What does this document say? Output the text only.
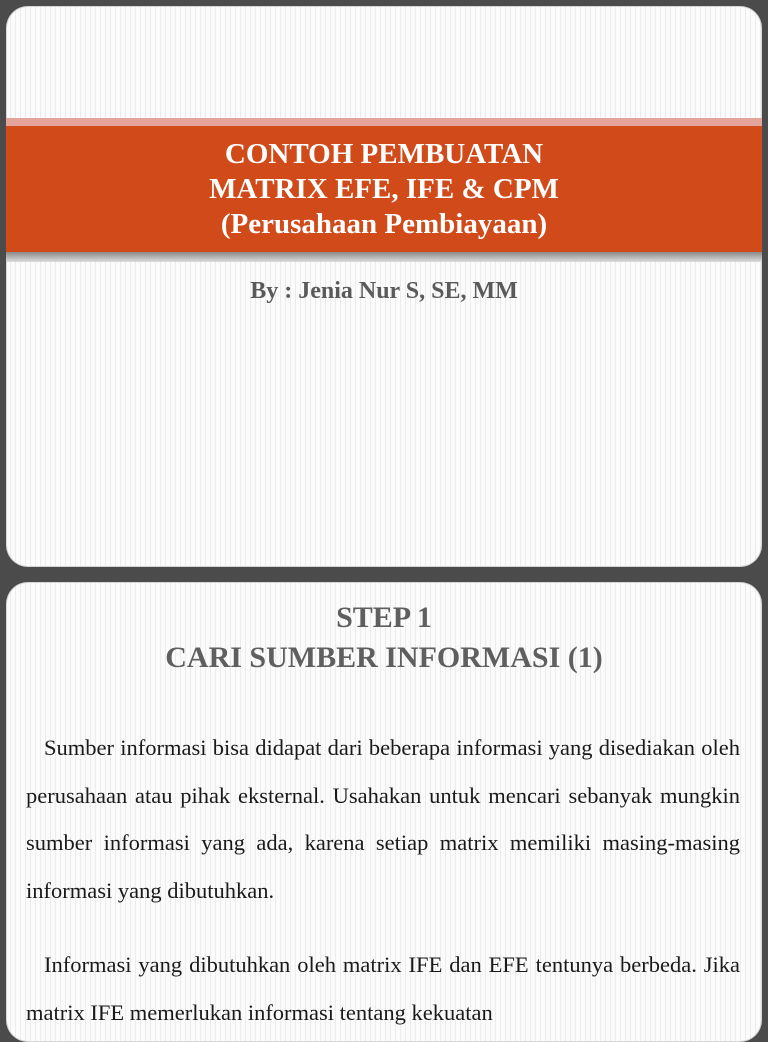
CONTOH PEMBUATAN
MATRIX EFE, IFE & CPM
(Perusahaan Pembiayaan)
By : Jenia Nur S, SE, MM
STEP 1
CARI SUMBER INFORMASI (1)

Sumber informasi bisa didapat dari beberapa informasi yang disediakan oleh perusahaan atau pihak eksternal. Usahakan untuk mencari sebanyak mungkin sumber informasi yang ada, karena setiap matrix memiliki masing-masing informasi yang dibutuhkan.

Informasi yang dibutuhkan oleh matrix IFE dan EFE tentunya berbeda. Jika matrix IFE memerlukan informasi tentang kekuatan
